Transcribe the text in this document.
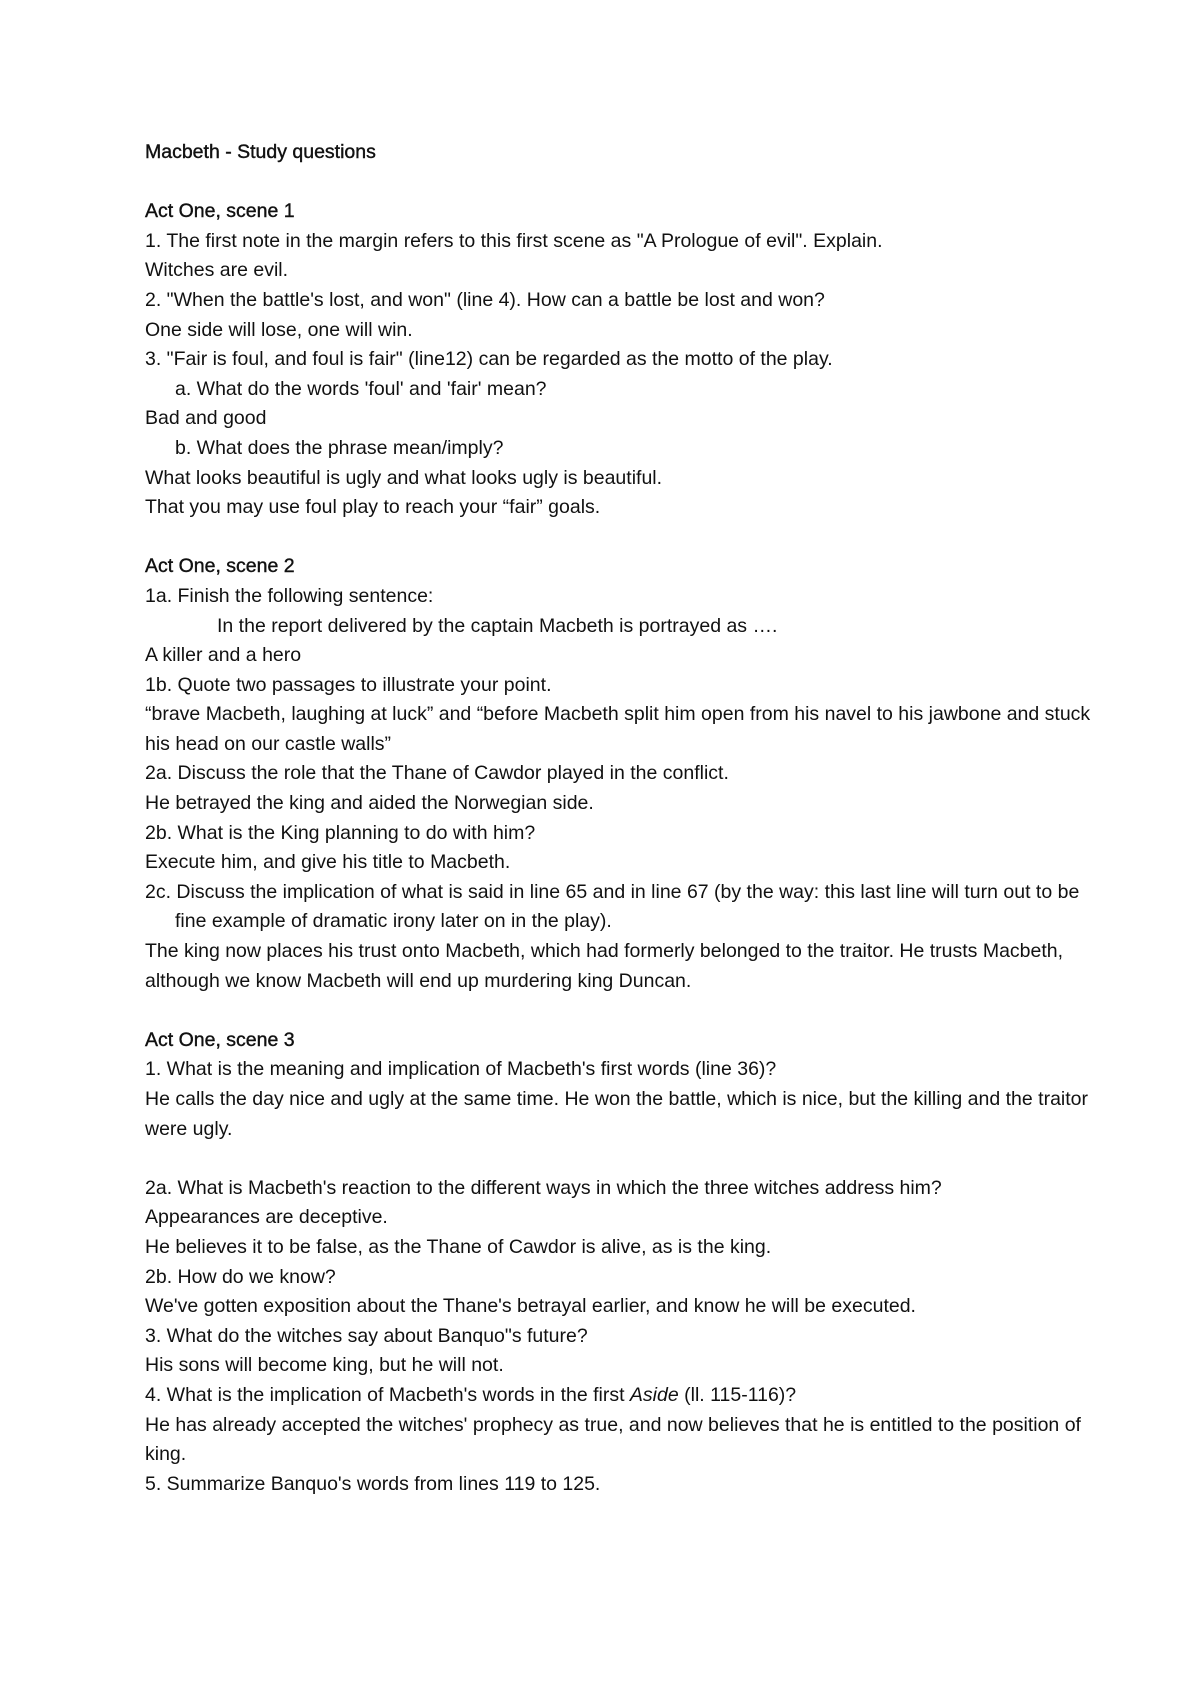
Macbeth - Study questions

Act One, scene 1

1. The first note in the margin refers to this first scene as "A Prologue of evil". Explain.

Witches are evil.

2. "When the battle's lost, and won" (line 4). How can a battle be lost and won?

One side will lose, one will win.

3. "Fair is foul, and foul is fair" (line12) can be regarded as the motto of the play.

a. What do the words 'foul' and 'fair' mean?

Bad and good

b. What does the phrase mean/imply?

What looks beautiful is ugly and what looks ugly is beautiful.

That you may use foul play to reach your “fair” goals.

Act One, scene 2

1a. Finish the following sentence:

In the report delivered by the captain Macbeth is portrayed as ….

A killer and a hero

1b. Quote two passages to illustrate your point.

“brave Macbeth, laughing at luck” and “before Macbeth split him open from his navel to his jawbone and stuck his head on our castle walls”

2a. Discuss the role that the Thane of Cawdor played in the conflict.

He betrayed the king and aided the Norwegian side.

2b. What is the King planning to do with him?

Execute him, and give his title to Macbeth.

2c. Discuss the implication of what is said in line 65 and in line 67 (by the way: this last line will turn out to be fine example of dramatic irony later on in the play).

The king now places his trust onto Macbeth, which had formerly belonged to the traitor. He trusts Macbeth, although we know Macbeth will end up murdering king Duncan.

Act One, scene 3

1. What is the meaning and implication of Macbeth's first words (line 36)?

He calls the day nice and ugly at the same time. He won the battle, which is nice, but the killing and the traitor were ugly.

2a. What is Macbeth's reaction to the different ways in which the three witches address him?

Appearances are deceptive.

He believes it to be false, as the Thane of Cawdor is alive, as is the king.

2b. How do we know?

We've gotten exposition about the Thane's betrayal earlier, and know he will be executed.

3. What do the witches say about Banquo"s future?

His sons will become king, but he will not.

4. What is the implication of Macbeth's words in the first Aside (ll. 115-116)?

He has already accepted the witches' prophecy as true, and now believes that he is entitled to the position of king.

5. Summarize Banquo's words from lines 119 to 125.
